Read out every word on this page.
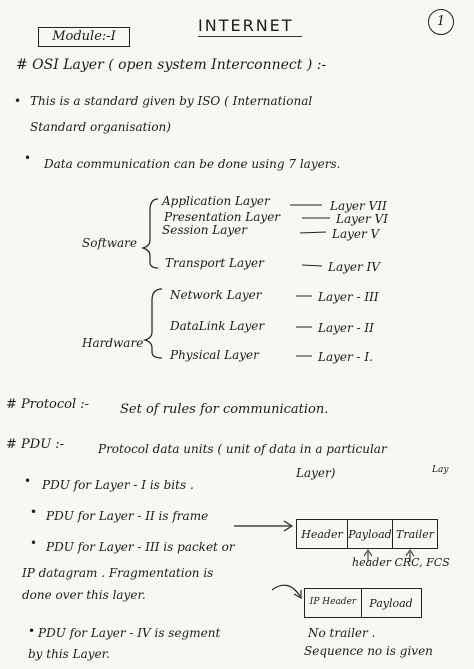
1
Module:-I
INTERNET
# OSI Layer ( open system Interconnect ) :-
• This is a standard given by ISO ( International
Standard organisation)
• Data communication can be done using 7 layers.
Software
Application Layer	Layer VII
Presentation Layer	Layer VI
Session Layer	Layer V
Transport Layer	Layer IV
Hardware
Network Layer	Layer - III
DataLink Layer	Layer - II
Physical Layer	Layer - I.
# Protocol :- Set of rules for communication.
# PDU :-	Protocol data units ( unit of data in a particular
Lay
Layer)
• PDU for Layer - I is bits .
• PDU for Layer - II is frame
• PDU for Layer - III is packet or
IP datagram . Fragmentation is
done over this layer.
• PDU for Layer - IV is segment
by this Layer.
Header Payload Trailer
header CRC, FCS
IP Header	Payload
No trailer .
Sequence no is given
